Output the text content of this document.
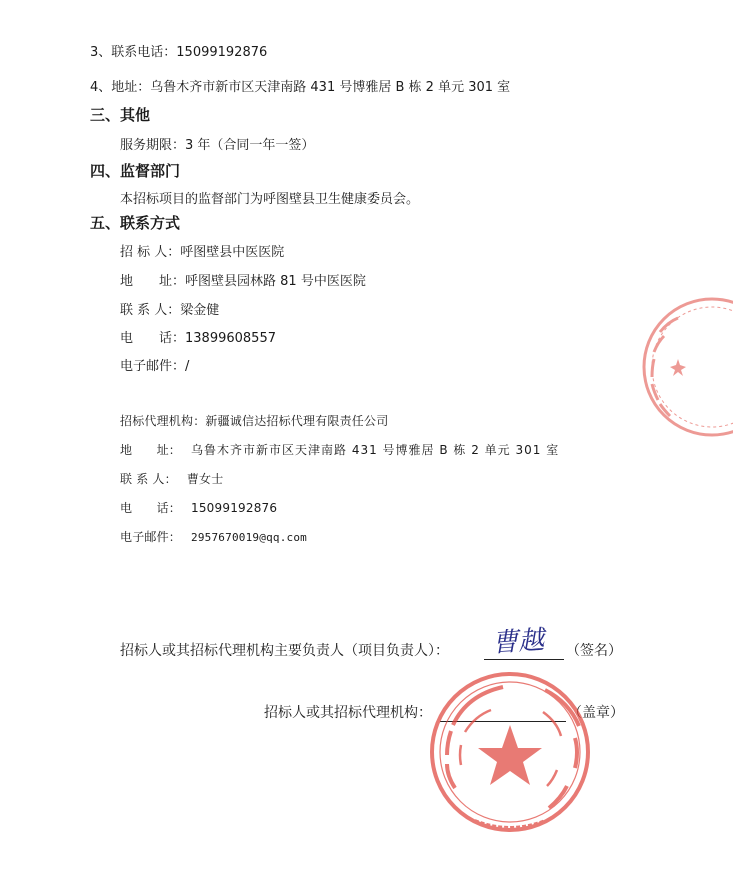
3、联系电话：15099192876
4、地址：乌鲁木齐市新市区天津南路 431 号博雅居 B 栋 2 单元 301 室
三、其他
服务期限：3 年（合同一年一签）
四、监督部门
本招标项目的监督部门为呼图壁县卫生健康委员会。
五、联系方式
招 标 人：呼图壁县中医医院
地　　址：呼图壁县园林路 81 号中医医院
联 系 人：梁金健
电　　话：13899608557
电子邮件：/
招标代理机构：新疆诚信达招标代理有限责任公司
地　　址： 乌鲁木齐市新市区天津南路 431 号博雅居 B 栋 2 单元 301 室
联 系 人： 曹女士
电　　话： 15099192876
电子邮件： 2957670019@qq.com
招标人或其招标代理机构主要负责人（项目负责人）： 曹越 （签名）
招标人或其招标代理机构：	（盖章）
